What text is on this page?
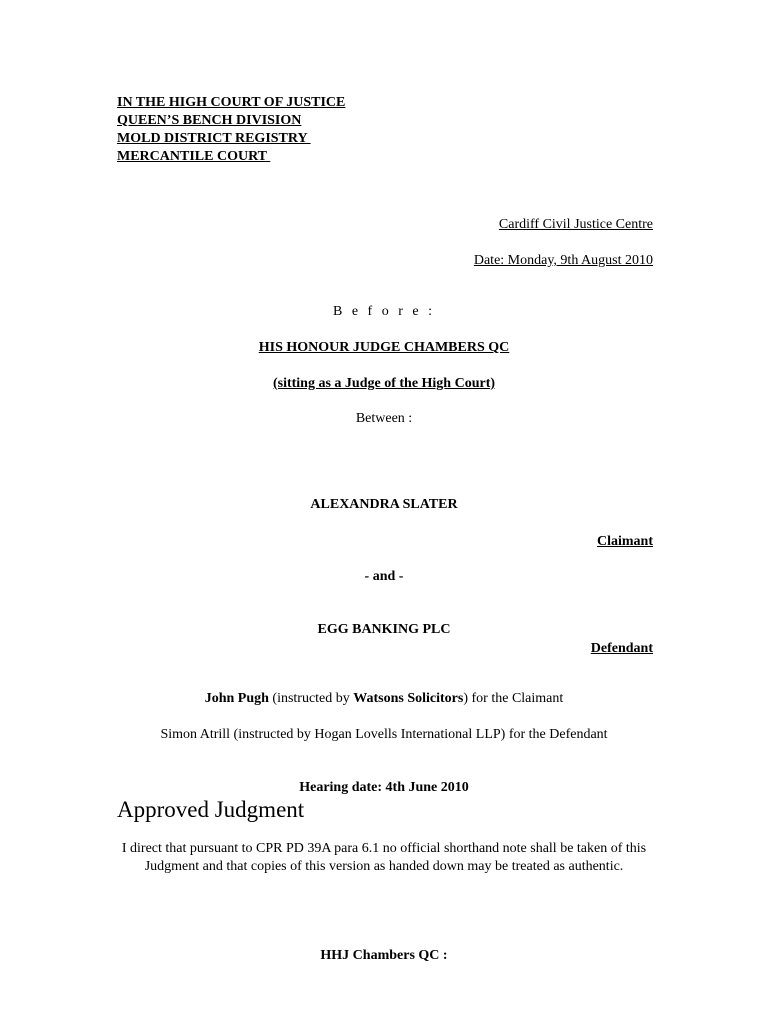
IN THE HIGH COURT OF JUSTICE
QUEEN’S BENCH DIVISION
MOLD DISTRICT REGISTRY
MERCANTILE COURT
Cardiff Civil Justice Centre
Date: Monday, 9th August 2010
B e f o r e :
HIS HONOUR JUDGE CHAMBERS QC
(sitting as a Judge of the High Court)
Between :
ALEXANDRA SLATER
Claimant
- and -
EGG BANKING PLC
Defendant
John Pugh (instructed by Watsons Solicitors) for the Claimant
Simon Atrill (instructed by Hogan Lovells International LLP) for the Defendant
Hearing date: 4th June 2010
Approved Judgment
I direct that pursuant to CPR PD 39A para 6.1 no official shorthand note shall be taken of this Judgment and that copies of this version as handed down may be treated as authentic.
HHJ Chambers QC :
